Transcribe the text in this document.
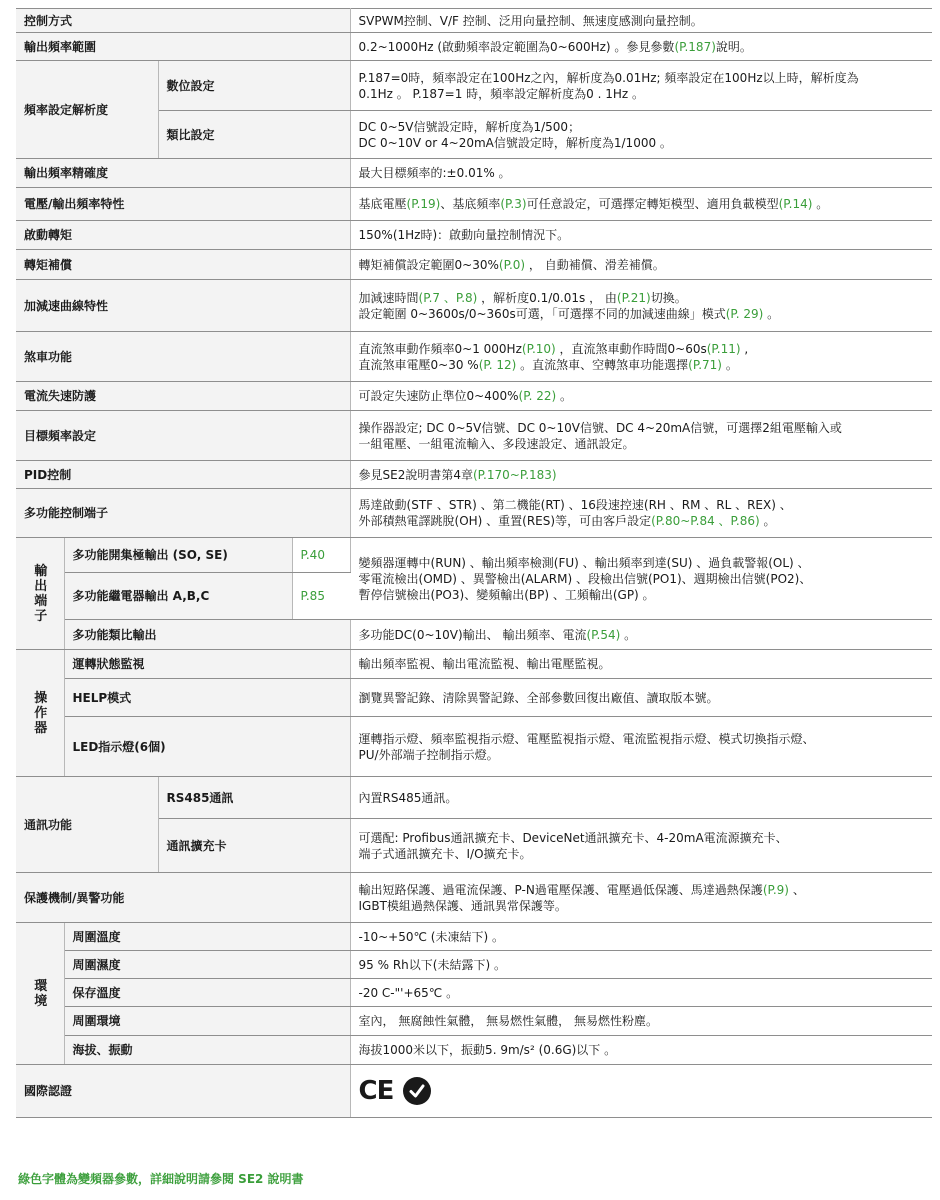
控制方式				SVPWM控制、V/F 控制、泛用向量控制、無速度感測向量控制。
輸出頻率範圍				0.2~1000Hz (啟動頻率設定範圍為0~600Hz) 。參見參數(P.187)說明。
頻率設定解析度		數位設定		P.187=0時，頻率設定在100Hz之內，解析度為0.01Hz; 頻率設定在100Hz以上時，解析度為
0.1Hz 。 P.187=1 時，頻率設定解析度為0 . 1Hz 。

		類比設定		DC 0~5V信號設定時，解析度為1/500；
DC 0~10V or 4~20mA信號設定時，解析度為1/1000 。

輸出頻率精確度				最大目標頻率的:±0.01% 。
電壓/輸出頻率特性				基底電壓(P.19)、基底頻率(P.3)可任意設定，可選擇定轉矩模型、適用負載模型(P.14) 。
啟動轉矩				150%(1Hz時)：啟動向量控制情況下。
轉矩補償				轉矩補償設定範圍0~30%(P.0) ， 自動補償、滑差補償。
加減速曲線特性				加減速時間(P.7 、P.8) ，解析度0.1/0.01s ， 由(P.21)切換。
設定範圍 0~3600s/0~360s可選，「可選擇不同的加減速曲線」模式(P. 29) 。

煞車功能				直流煞車動作頻率0~1 000Hz(P.10) ，直流煞車動作時間0~60s(P.11) ,
直流煞車電壓0~30 %(P. 12) 。直流煞車、空轉煞車功能選擇(P.71) 。

電流失速防護				可設定失速防止準位0~400%(P. 22) 。
目標頻率設定				操作器設定; DC 0~5V信號、DC 0~10V信號、DC 4~20mA信號，可選擇2組電壓輸入或
一組電壓、一組電流輸入、多段速設定、通訊設定。

PID控制				參見SE2說明書第4章(P.170~P.183)
多功能控制端子				馬達啟動(STF 、STR) 、第二機能(RT) 、16段速控速(RH 、RM 、RL 、REX) 、
外部積熱電譯跳脫(OH) 、重置(RES)等，可由客戶設定(P.80~P.84 、P.86) 。

輸出端子	多功能開集極輸出 (SO, SE)		P.40	變頻器運轉中(RUN) 、輸出頻率檢測(FU) 、輸出頻率到達(SU) 、過負載警報(OL) 、
零電流檢出(OMD) 、異警檢出(ALARM) 、段檢出信號(PO1)、週期檢出信號(PO2)、
暫停信號檢出(PO3)、變頻輸出(BP) 、工頻輸出(GP) 。

	多功能繼電器輸出 A,B,C		P.85	
	多功能類比輸出			多功能DC(0~10V)輸出、 輸出頻率、電流(P.54) 。
操作器	運轉狀態監視			輸出頻率監視、輸出電流監視、輸出電壓監視。
	HELP模式			瀏覽異警記錄、清除異警記錄、全部參數回復出廠值、讀取版本號。
	LED指示燈(6個)			運轉指示燈、頻率監視指示燈、電壓監視指示燈、電流監視指示燈、模式切換指示燈、
PU/外部端子控制指示燈。

通訊功能		RS485通訊		內置RS485通訊。
		通訊擴充卡		可選配: Profibus通訊擴充卡、DeviceNet通訊擴充卡、4-20mA電流源擴充卡、
端子式通訊擴充卡、I/O擴充卡。

保護機制/異警功能				輸出短路保護、過電流保護、P-N過電壓保護、電壓過低保護、馬達過熱保護(P.9) 、
IGBT模組過熱保護、通訊異常保護等。

環境	周圍溫度			-10~+50℃ (未凍結下) 。
	周圍濕度			95 % Rh以下(未結露下) 。
	保存溫度			-20 C-"'+65℃ 。
	周圍環境			室內， 無腐蝕性氣體， 無易燃性氣體， 無易燃性粉塵。
	海拔、振動			海拔1000米以下，振動5. 9m/s² (0.6G)以下 。
國際認證				CE
綠色字體為變頻器參數，詳細說明請參閱 SE2 說明書
